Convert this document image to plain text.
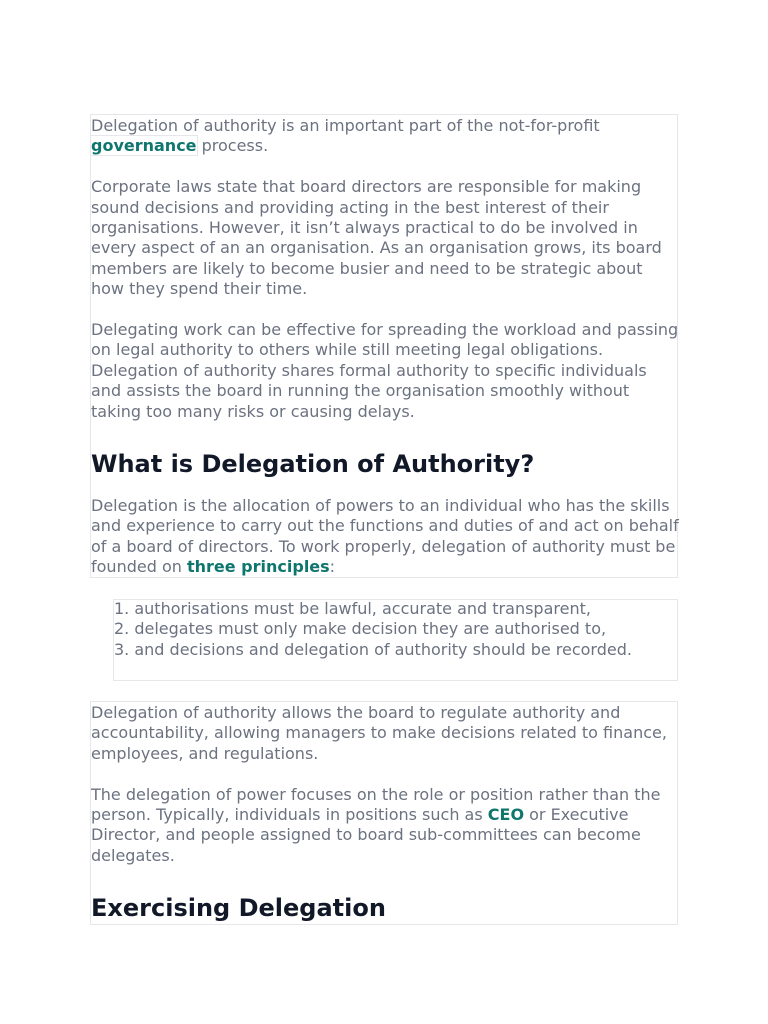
Delegation of authority is an important part of the not-for-profit governance process.

Corporate laws state that board directors are responsible for making sound decisions and providing acting in the best interest of their organisations. However, it isn’t always practical to do be involved in every aspect of an an organisation. As an organisation grows, its board members are likely to become busier and need to be strategic about how they spend their time.

Delegating work can be effective for spreading the workload and passing on legal authority to others while still meeting legal obligations. Delegation of authority shares formal authority to specific individuals and assists the board in running the organisation smoothly without taking too many risks or causing delays.

What is Delegation of Authority?

Delegation is the allocation of powers to an individual who has the skills and experience to carry out the functions and duties of and act on behalf of a board of directors. To work properly, delegation of authority must be founded on three principles:

1. authorisations must be lawful, accurate and transparent,
2. delegates must only make decision they are authorised to,
3. and decisions and delegation of authority should be recorded.

Delegation of authority allows the board to regulate authority and accountability, allowing managers to make decisions related to finance, employees, and regulations.

The delegation of power focuses on the role or position rather than the person. Typically, individuals in positions such as CEO or Executive Director, and people assigned to board sub-committees can become delegates.

Exercising Delegation
